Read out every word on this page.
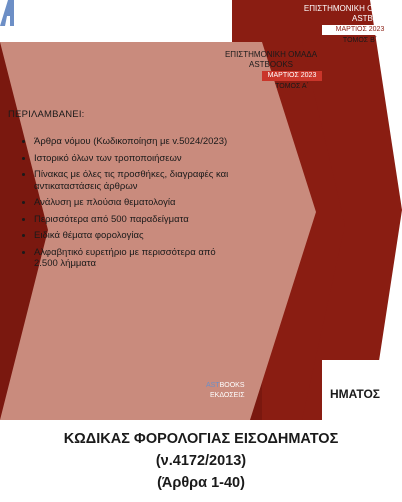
ΕΠΙΣΤΗΜΟΝΙΚΗ ΟΜΑΔΑ
ASTBOOKS
ΜΑΡΤΙΟΣ 2023
ΤΟΜΟΣ Β΄
ΕΠΙΣΤΗΜΟΝΙΚΗ ΟΜΑΔΑ
ASTBOOKS
ΜΑΡΤΙΟΣ 2023
ΤΟΜΟΣ Α΄
ΠΕΡΙΛΑΜΒΑΝΕΙ:
Άρθρα νόμου (Κωδικοποίηση με v.5024/2023)
Ιστορικό όλων των τροποποιήσεων
Πίνακας με όλες τις προσθήκες, διαγραφές και αντικαταστάσεις άρθρων
Ανάλυση με πλούσια θεματολογία
Περισσότερα από 500 παραδείγματα
Ειδικά θέματα φορολογίας
Αλφαβητικό ευρετήριο με περισσότερα από 2.500 λήμματα
ASTBOOKS
ΕΚΔΟΣΕΙΣ	ΗΜΑΤΟΣ
ΚΩΔΙΚΑΣ ΦΟΡΟΛΟΓΙΑΣ ΕΙΣΟΔΗΜΑΤΟΣ
(ν.4172/2013)
(Άρθρα 1-40)
